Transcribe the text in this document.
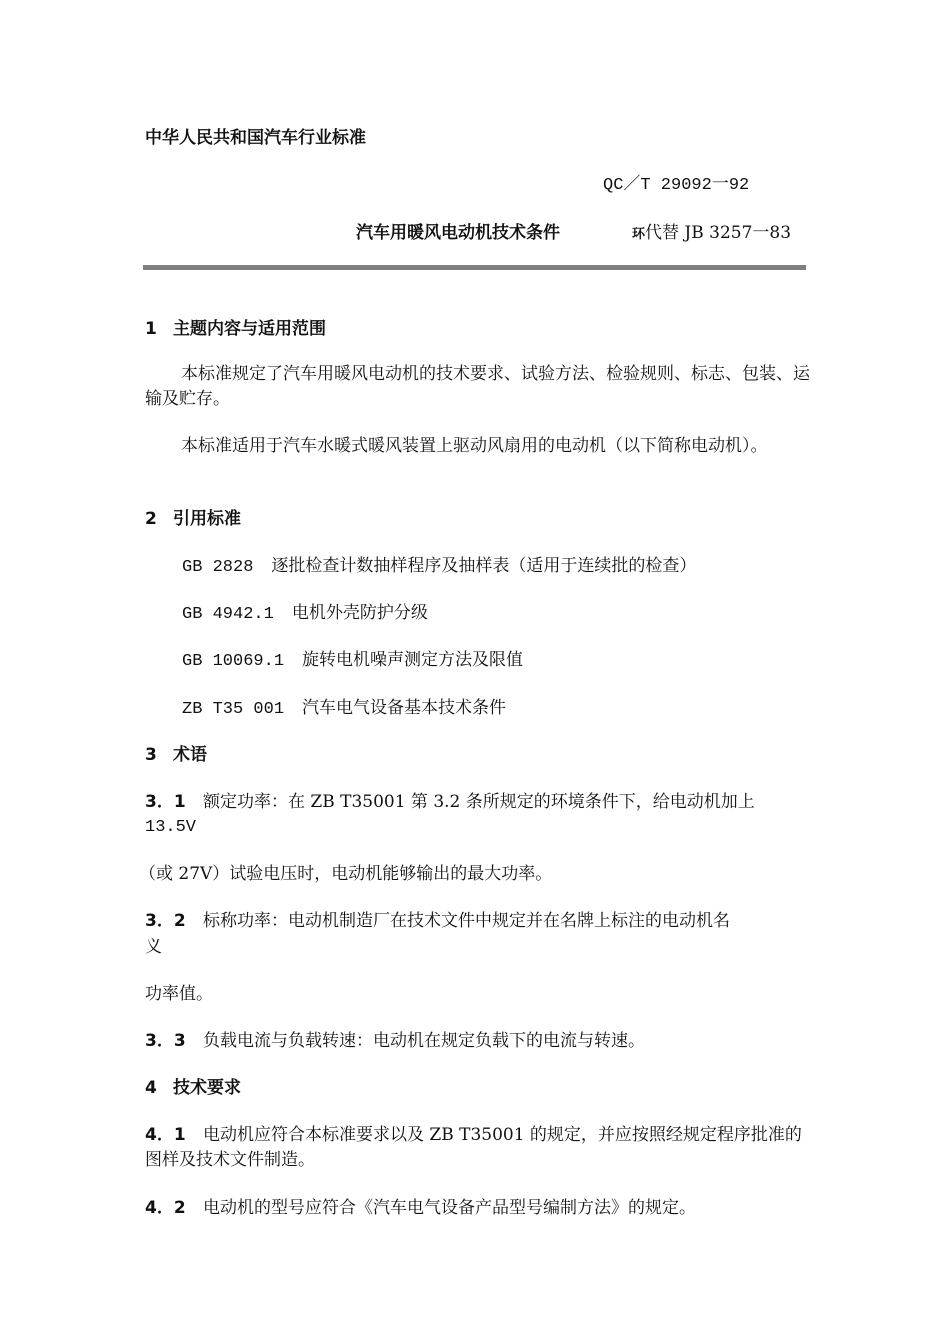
中华人民共和国汽车行业标准
QC／T 29092一92
汽车用暖风电动机技术条件	环代替 JB 3257一83
1 主题内容与适用范围
本标准规定了汽车用暖风电动机的技术要求、试验方法、检验规则、标志、包装、运输及贮存。
本标准适用于汽车水暖式暖风装置上驱动风扇用的电动机（以下简称电动机）。
2 引用标准
GB 2828 逐批检查计数抽样程序及抽样表（适用于连续批的检查）
GB 4942.1 电机外壳防护分级
GB 10069.1 旋转电机噪声测定方法及限值
ZB T35 001 汽车电气设备基本技术条件
3 术语
3．1 额定功率：在 ZB T35001 第 3.2 条所规定的环境条件下，给电动机加上
13.5V
（或 27V）试验电压时，电动机能够输出的最大功率。
3．2 标称功率：电动机制造厂在技术文件中规定并在名牌上标注的电动机名
义
功率值。
3．3 负载电流与负载转速：电动机在规定负载下的电流与转速。
4 技术要求
4．1 电动机应符合本标准要求以及 ZB T35001 的规定，并应按照经规定程序批准的图样及技术文件制造。
4．2 电动机的型号应符合《汽车电气设备产品型号编制方法》的规定。
